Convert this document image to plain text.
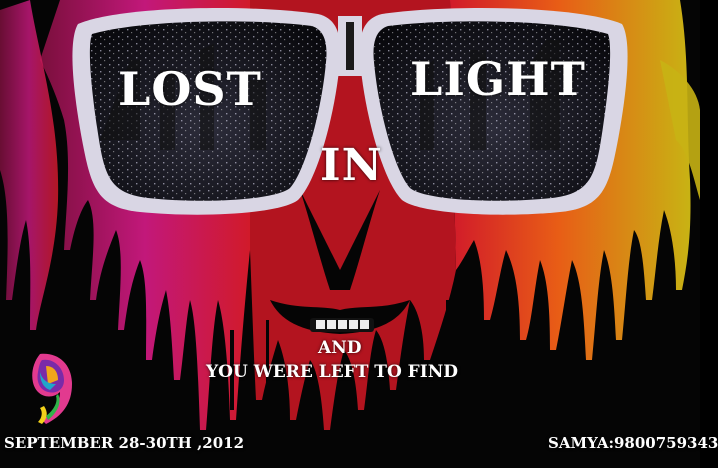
LOST	LIGHT
IN
AND
YOU WERE LEFT TO FIND
SEPTEMBER 28-30TH ,2012	SAMYA:9800759343
